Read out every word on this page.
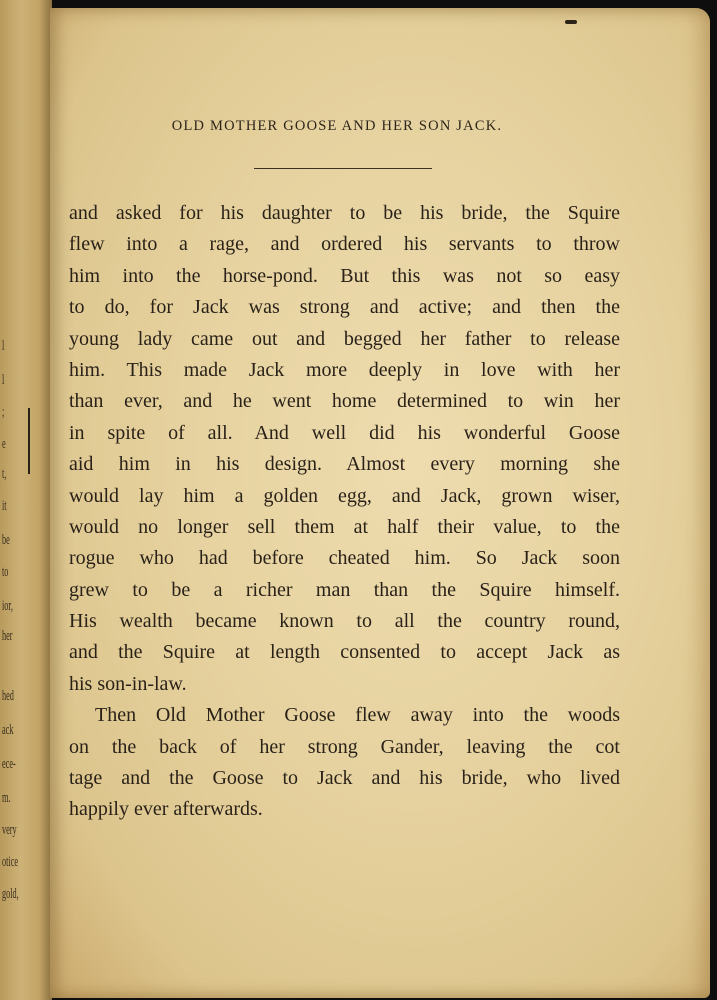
l
l
;
e
t,
it
be
to
ior,
her
hed
ack
ece-
m.
very
otice
gold,
OLD MOTHER GOOSE AND HER SON JACK.
and asked for his daughter to be his bride, the Squire
flew into a rage, and ordered his servants to throw
him into the horse-pond. But this was not so easy
to do, for Jack was strong and active; and then the
young lady came out and begged her father to release
him. This made Jack more deeply in love with her
than ever, and he went home determined to win her
in spite of all. And well did his wonderful Goose
aid him in his design. Almost every morning she
would lay him a golden egg, and Jack, grown wiser,
would no longer sell them at half their value, to the
rogue who had before cheated him. So Jack soon
grew to be a richer man than the Squire himself.
His wealth became known to all the country round,
and the Squire at length consented to accept Jack as
his son-in-law.
Then Old Mother Goose flew away into the woods
on the back of her strong Gander, leaving the cot
tage and the Goose to Jack and his bride, who lived
happily ever afterwards.
